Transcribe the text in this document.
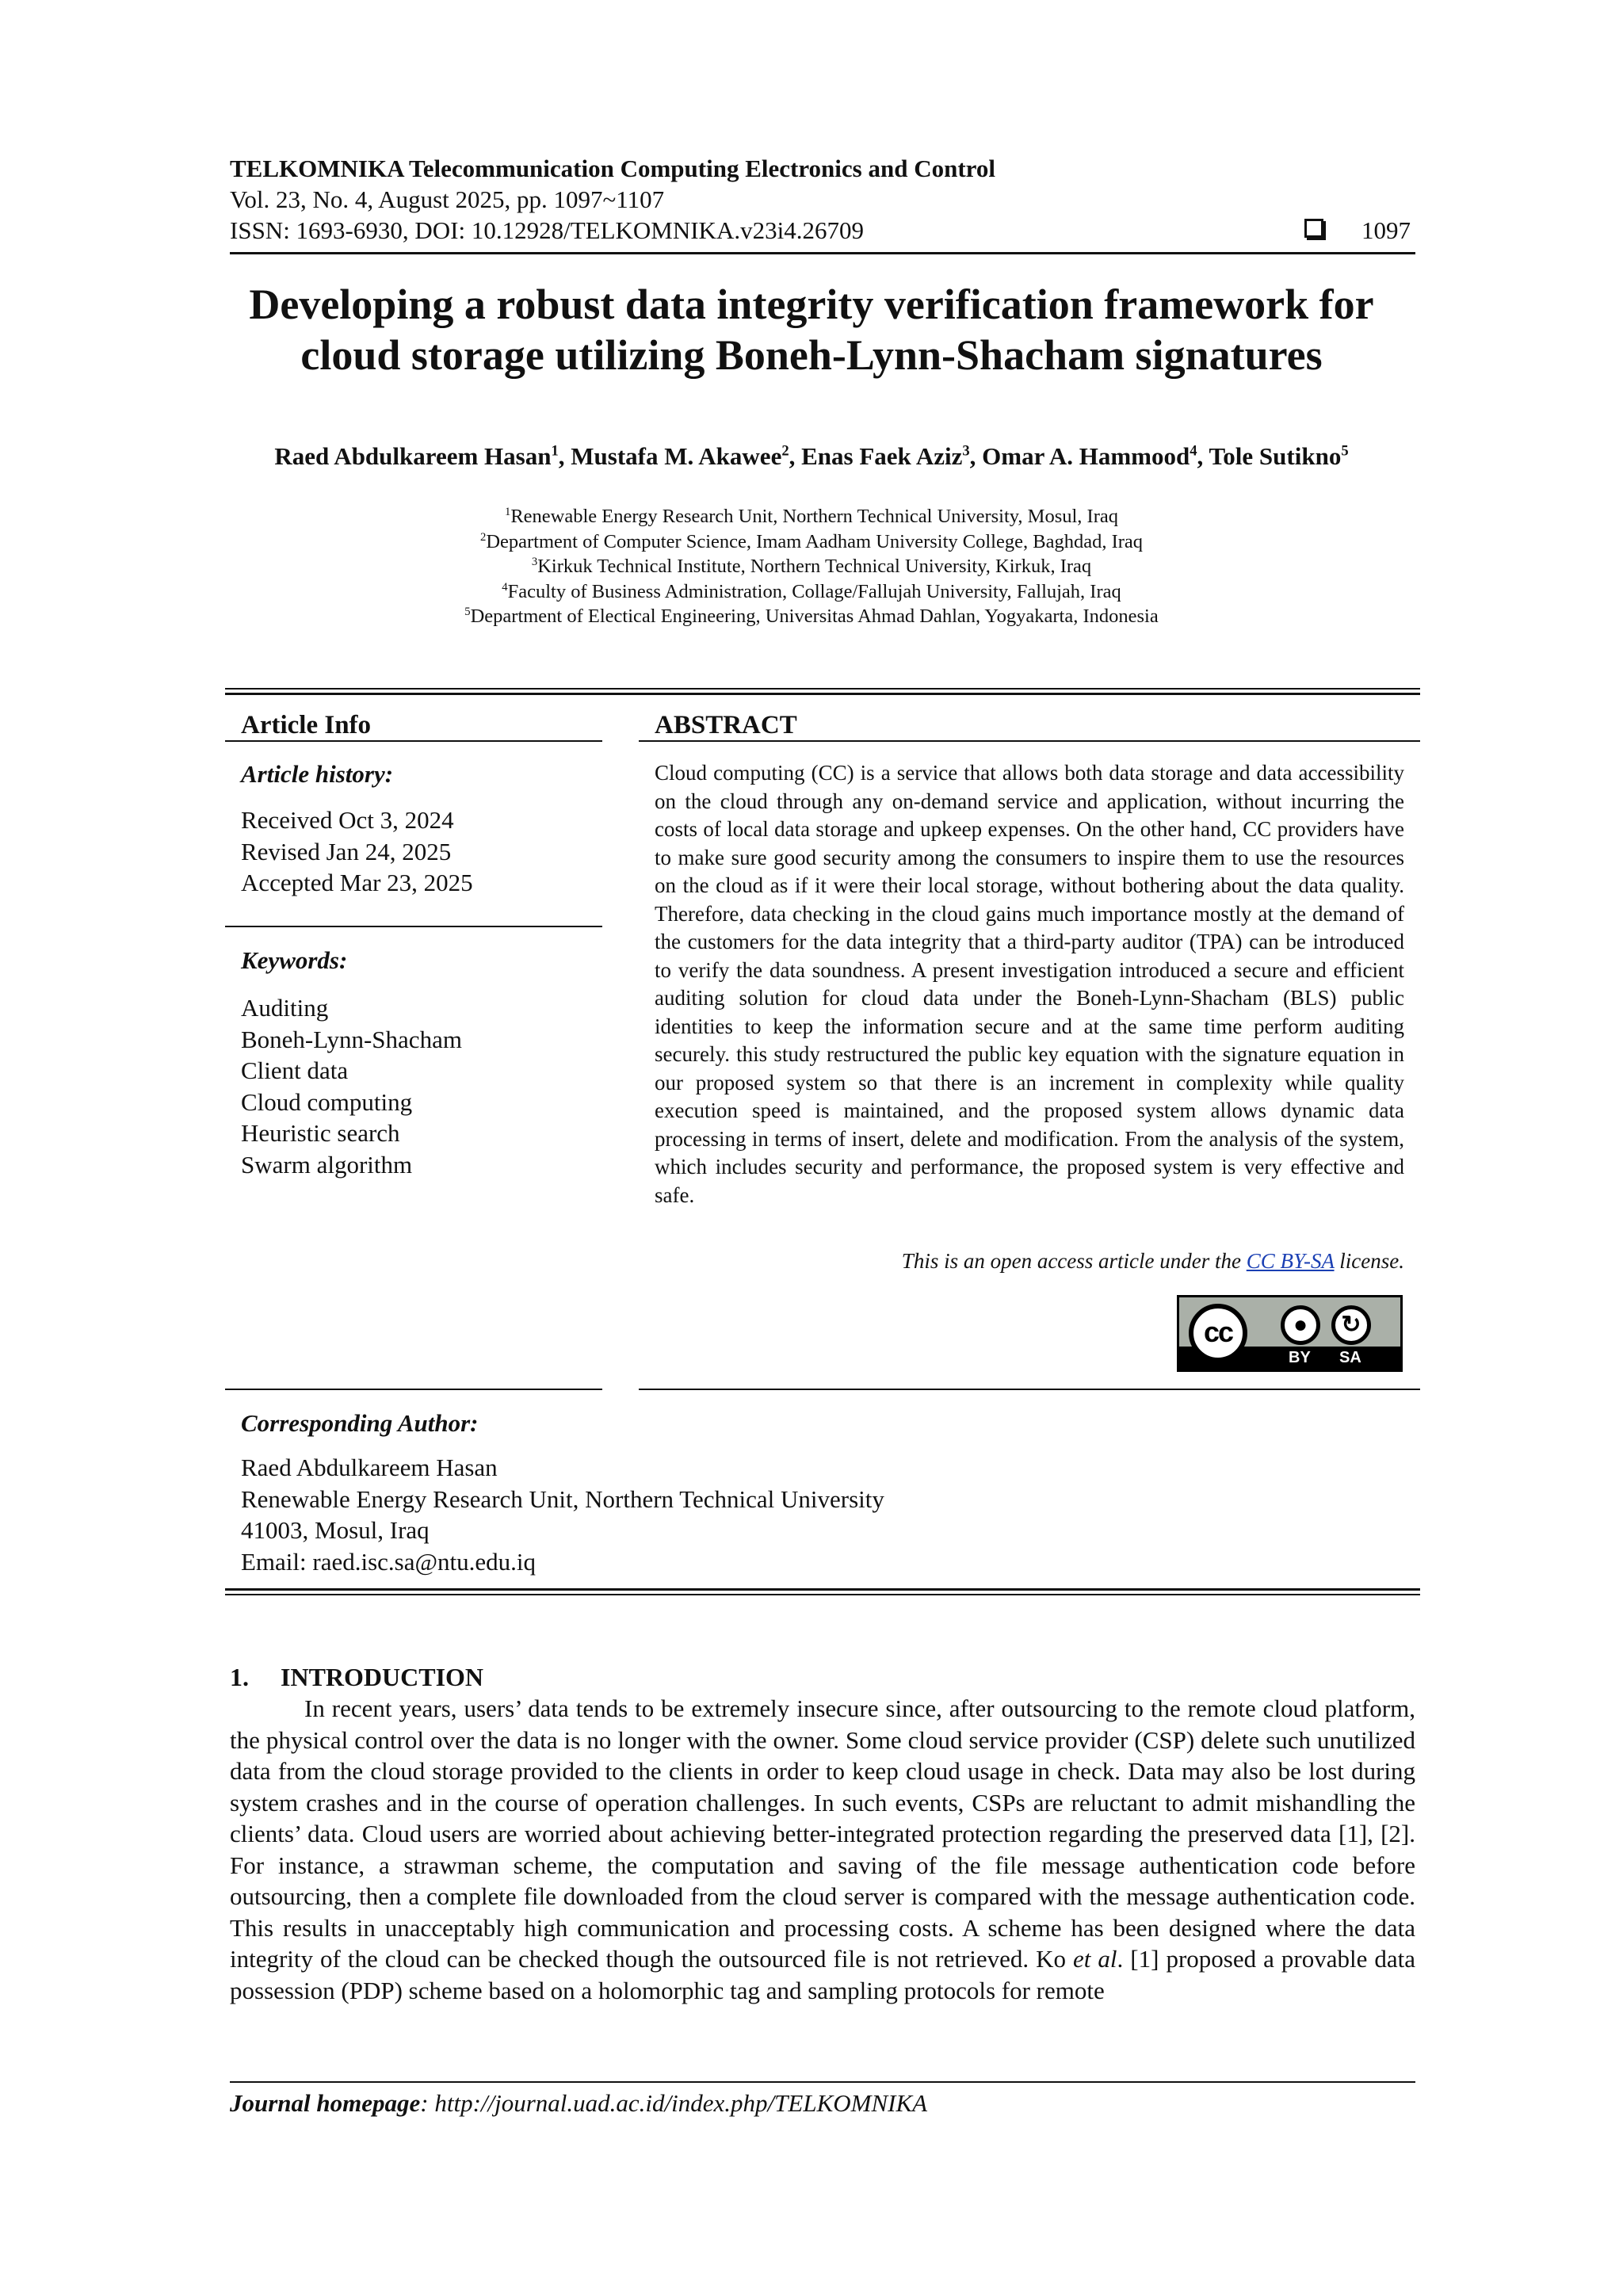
TELKOMNIKA Telecommunication Computing Electronics and Control
Vol. 23, No. 4, August 2025, pp. 1097~1107
ISSN: 1693-6930, DOI: 10.12928/TELKOMNIKA.v23i4.26709	1097
Developing a robust data integrity verification framework for
cloud storage utilizing Boneh-Lynn-Shacham signatures
Raed Abdulkareem Hasan$^1$, Mustafa M. Akawee$^2$, Enas Faek Aziz$^3$, Omar A. Hammood$^4$, Tole Sutikno$^5$
$^1$Renewable Energy Research Unit, Northern Technical University, Mosul, Iraq
$^2$Department of Computer Science, Imam Aadham University College, Baghdad, Iraq
$^3$Kirkuk Technical Institute, Northern Technical University, Kirkuk, Iraq
$^4$Faculty of Business Administration, Collage/Fallujah University, Fallujah, Iraq
$^5$Department of Electical Engineering, Universitas Ahmad Dahlan, Yogyakarta, Indonesia
Article Info
Article history:
Received Oct 3, 2024
Revised Jan 24, 2025
Accepted Mar 23, 2025
Keywords:
Auditing
Boneh-Lynn-Shacham
Client data
Cloud computing
Heuristic search
Swarm algorithm
ABSTRACT
Cloud computing (CC) is a service that allows both data storage and data accessibility on the cloud through any on-demand service and application, without incurring the costs of local data storage and upkeep expenses. On the other hand, CC providers have to make sure good security among the consumers to inspire them to use the resources on the cloud as if it were their local storage, without bothering about the data quality. Therefore, data checking in the cloud gains much importance mostly at the demand of the customers for the data integrity that a third-party auditor (TPA) can be introduced to verify the data soundness. A present investigation introduced a secure and efficient auditing solution for cloud data under the Boneh-Lynn-Shacham (BLS) public identities to keep the information secure and at the same time perform auditing securely. this study restructured the public key equation with the signature equation in our proposed system so that there is an increment in complexity while quality execution speed is maintained, and the proposed system allows dynamic data processing in terms of insert, delete and modification. From the analysis of the system, which includes security and performance, the proposed system is very effective and safe.
This is an open access article under the CC BY-SA license.
cc	●	↻
BY SA
Corresponding Author:
Raed Abdulkareem Hasan
Renewable Energy Research Unit, Northern Technical University
41003, Mosul, Iraq
Email: raed.isc.sa@ntu.edu.iq
1. INTRODUCTION

In recent years, users’ data tends to be extremely insecure since, after outsourcing to the remote cloud platform, the physical control over the data is no longer with the owner. Some cloud service provider (CSP) delete such unutilized data from the cloud storage provided to the clients in order to keep cloud usage in check. Data may also be lost during system crashes and in the course of operation challenges. In such events, CSPs are reluctant to admit mishandling the clients’ data. Cloud users are worried about achieving better-integrated protection regarding the preserved data [1], [2]. For instance, a strawman scheme, the computation and saving of the file message authentication code before outsourcing, then a complete file downloaded from the cloud server is compared with the message authentication code. This results in unacceptably high communication and processing costs. A scheme has been designed where the data integrity of the cloud can be checked though the outsourced file is not retrieved. Ko et al. [1] proposed a provable data possession (PDP) scheme based on a holomorphic tag and sampling protocols for remote

Journal homepage: http://journal.uad.ac.id/index.php/TELKOMNIKA
